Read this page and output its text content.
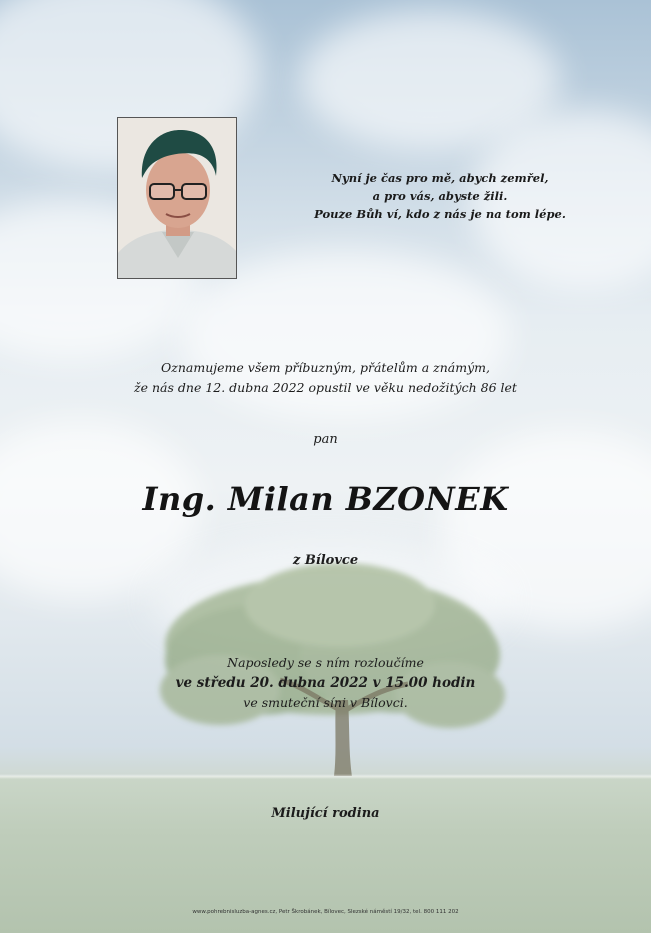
Nyní je čas pro mě, abych zemřel,
a pro vás, abyste žili.
Pouze Bůh ví, kdo z nás je na tom lépe.
Oznamujeme všem příbuzným, přátelům a známým,
že nás dne 12. dubna 2022 opustil ve věku nedožitých 86 let
pan
Ing. Milan BZONEK
z Bílovce
Naposledy se s ním rozloučíme
ve středu 20. dubna 2022 v 15.00 hodin
ve smuteční síni v Bílovci.
Milující rodina
www.pohrebnisluzba-agnes.cz, Petr Škrobánek, Bílovec, Slezské náměstí 19/32, tel. 800 111 202
